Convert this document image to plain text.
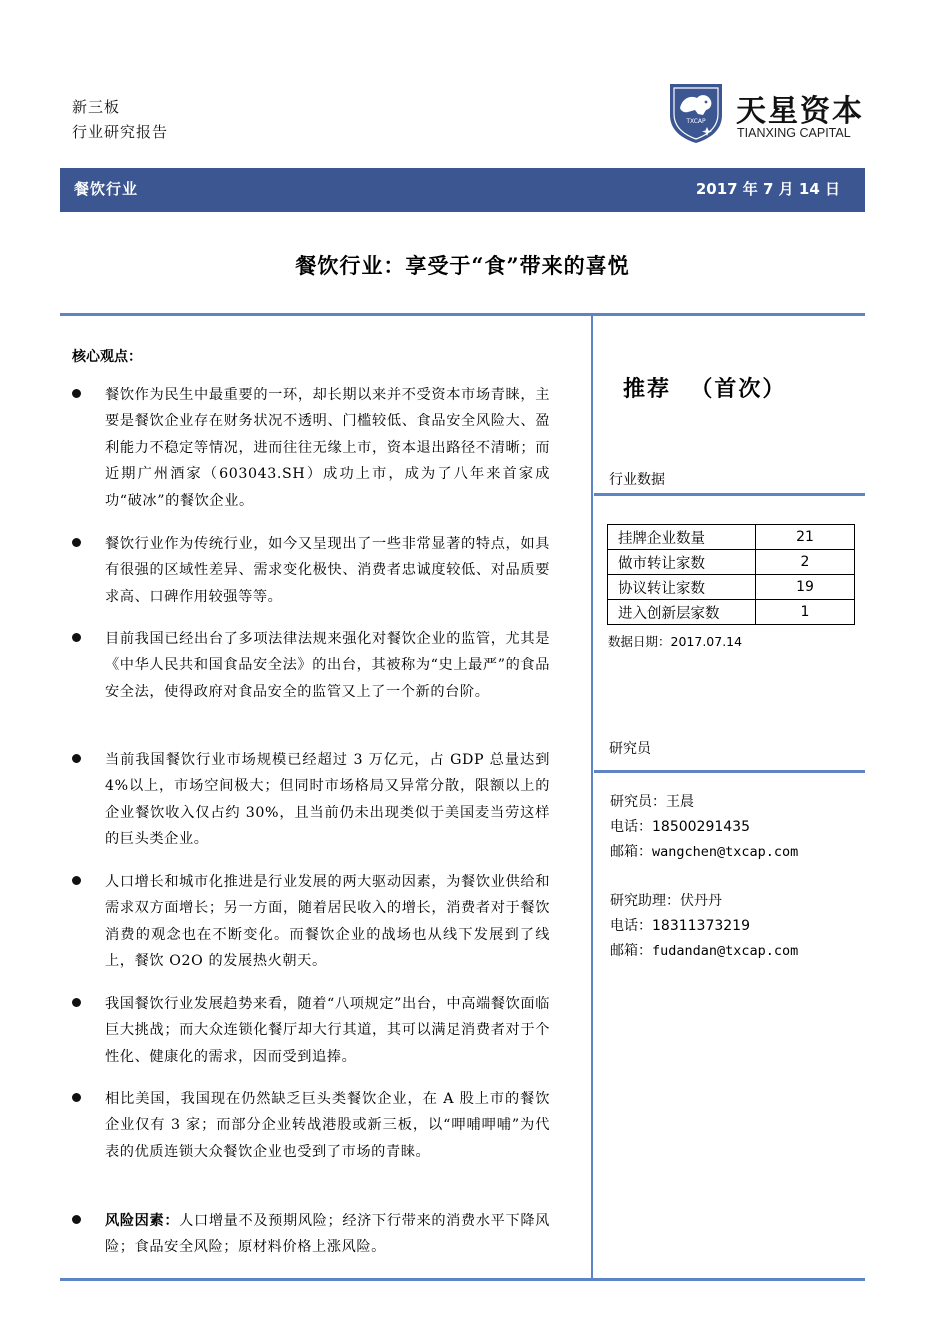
新三板
行业研究报告
TXCAP 天星资本
TIANXING CAPITAL
餐饮行业	2017 年 7 月 14 日
餐饮行业：享受于“食”带来的喜悦
核心观点：
餐饮作为民生中最重要的一环，却长期以来并不受资本市场青睐，主要是餐饮企业存在财务状况不透明、门槛较低、食品安全风险大、盈利能力不稳定等情况，进而往往无缘上市，资本退出路径不清晰；而近期广州酒家（603043.SH）成功上市，成为了八年来首家成功“破冰”的餐饮企业。
餐饮行业作为传统行业，如今又呈现出了一些非常显著的特点，如具有很强的区域性差异、需求变化极快、消费者忠诚度较低、对品质要求高、口碑作用较强等等。
目前我国已经出台了多项法律法规来强化对餐饮企业的监管，尤其是《中华人民共和国食品安全法》的出台，其被称为“史上最严”的食品安全法，使得政府对食品安全的监管又上了一个新的台阶。
当前我国餐饮行业市场规模已经超过 3 万亿元，占 GDP 总量达到 4%以上，市场空间极大；但同时市场格局又异常分散，限额以上的企业餐饮收入仅占约 30%，且当前仍未出现类似于美国麦当劳这样的巨头类企业。
人口增长和城市化推进是行业发展的两大驱动因素，为餐饮业供给和需求双方面增长；另一方面，随着居民收入的增长，消费者对于餐饮消费的观念也在不断变化。而餐饮企业的战场也从线下发展到了线上，餐饮 O2O 的发展热火朝天。
我国餐饮行业发展趋势来看，随着“八项规定”出台，中高端餐饮面临巨大挑战；而大众连锁化餐厅却大行其道，其可以满足消费者对于个性化、健康化的需求，因而受到追捧。
相比美国，我国现在仍然缺乏巨头类餐饮企业，在 A 股上市的餐饮企业仅有 3 家；而部分企业转战港股或新三板，以“呷哺呷哺”为代表的优质连锁大众餐饮企业也受到了市场的青睐。
风险因素：人口增量不及预期风险；经济下行带来的消费水平下降风险；食品安全风险；原材料价格上涨风险。
推荐  （首次）
行业数据
挂牌企业数量	21
做市转让家数	2
协议转让家数	19
进入创新层家数	1
数据日期：2017.07.14
研究员
研究员：王晨
电话：18500291435
邮箱：wangchen@txcap.com
研究助理：伏丹丹
电话：18311373219
邮箱：fudandan@txcap.com
